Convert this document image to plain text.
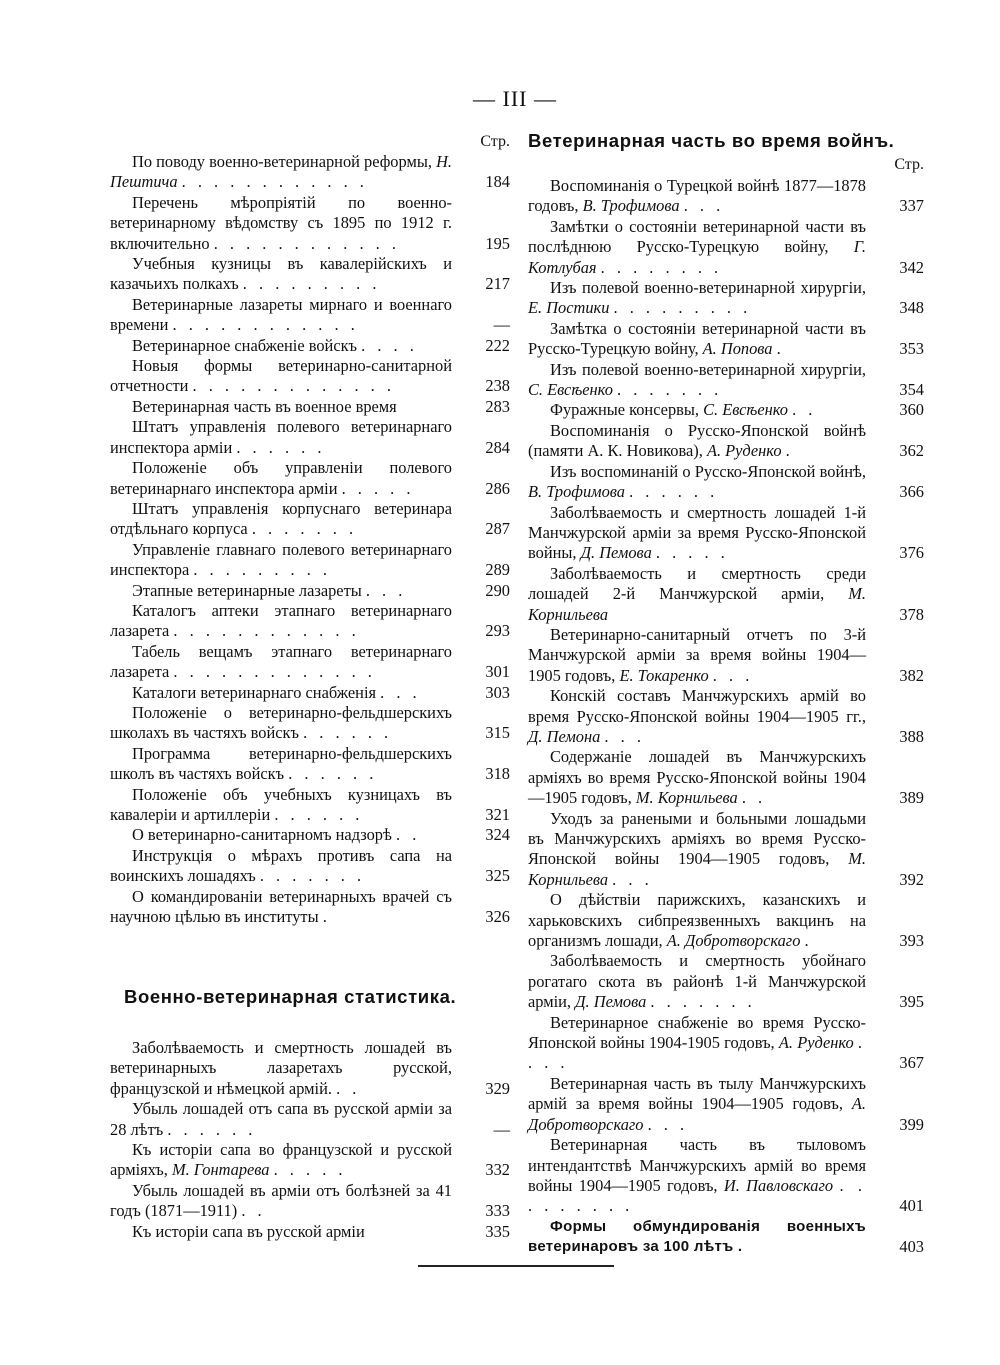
— III —
Стр.
По поводу военно-ветеринарной реформы, Н. Пештича . . . . . . . . . . . .	184
Перечень мѣропріятій по военно-ветеринарному вѣдомству съ 1895 по 1912 г. включительно . . . . . . . . . . . .	195
Учебныя кузницы въ кавалерійскихъ и казачьихъ полкахъ . . . . . . . . .	217
Ветеринарные лазареты мирнаго и военнаго времени . . . . . . . . . . . .	—
Ветеринарное снабженіе войскъ . . . .	222
Новыя формы ветеринарно-санитарной отчетности . . . . . . . . . . . . .	238
Ветеринарная часть въ военное время	283
Штатъ управленія полевого ветеринарнаго инспектора арміи . . . . . .	284
Положеніе объ управленіи полевого ветеринарнаго инспектора арміи . . . . .	286
Штатъ управленія корпуснаго ветеринара отдѣльнаго корпуса . . . . . . .	287
Управленіе главнаго полевого ветеринарнаго инспектора . . . . . . . . .	289
Этапные ветеринарные лазареты . . .	290
Каталогъ аптеки этапнаго ветеринарнаго лазарета . . . . . . . . . . . .	293
Табель вещамъ этапнаго ветеринарнаго лазарета . . . . . . . . . . . . .	301
Каталоги ветеринарнаго снабженія . . .	303
Положеніе о ветеринарно-фельдшерскихъ школахъ въ частяхъ войскъ . . . . . .	315
Программа ветеринарно-фельдшерскихъ школъ въ частяхъ войскъ . . . . . .	318
Положеніе объ учебныхъ кузницахъ въ кавалеріи и артиллеріи . . . . . .	321
О ветеринарно-санитарномъ надзорѣ . .	324
Инструкція о мѣрахъ противъ сапа на воинскихъ лошадяхъ . . . . . . .	325
О командированіи ветеринарныхъ врачей съ научною цѣлью въ институты .	326
Военно-ветеринарная статистика.
Заболѣваемость и смертность лошадей въ ветеринарныхъ лазаретахъ русской, французской и нѣмецкой армій. . .	329
Убыль лошадей отъ сапа въ русской арміи за 28 лѣтъ . . . . . .	—
Къ исторіи сапа во французской и русской арміяхъ, М. Гонтарева . . . . .	332
Убыль лошадей въ арміи отъ болѣзней за 41 годъ (1871—1911) . .	333
Къ исторіи сапа въ русской арміи	335
Ветеринарная часть во время войнъ.
Стр.
Воспоминанія о Турецкой войнѣ 1877—1878 годовъ, В. Трофимова . . .	337
Замѣтки о состояніи ветеринарной части въ послѣднюю Русско-Турецкую войну, Г. Котлубая . . . . . . . .	342
Изъ полевой военно-ветеринарной хирургіи, Е. Постики . . . . . . . . .	348
Замѣтка о состояніи ветеринарной части въ Русско-Турецкую войну, А. Попова .	353
Изъ полевой военно-ветеринарной хирургіи, С. Евсѣенко . . . . . . .	354
Фуражные консервы, С. Евсѣенко . .	360
Воспоминанія о Русско-Японской войнѣ (памяти А. К. Новикова), А. Руденко .	362
Изъ воспоминаній о Русско-Японской войнѣ, В. Трофимова . . . . . .	366
Заболѣваемость и смертность лошадей 1-й Манчжурской арміи за время Русско-Японской войны, Д. Пемова . . . . .	376
Заболѣваемость и смертность среди лошадей 2-й Манчжурской арміи, М. Корнильева	378
Ветеринарно-санитарный отчетъ по 3-й Манчжурской арміи за время войны 1904—1905 годовъ, Е. Токаренко . . .	382
Конскій составъ Манчжурскихъ армій во время Русско-Японской войны 1904—1905 гг., Д. Пемона . . .	388
Содержаніе лошадей въ Манчжурскихъ арміяхъ во время Русско-Японской войны 1904—1905 годовъ, М. Корнильева . .	389
Уходъ за ранеными и больными лошадьми въ Манчжурскихъ арміяхъ во время Русско-Японской войны 1904—1905 годовъ, М. Корнильева . . .	392
О дѣйствіи парижскихъ, казанскихъ и харьковскихъ сибпреязвенныхъ вакцинъ на организмъ лошади, А. Добротворскаго .	393
Заболѣваемость и смертность убойнаго рогатаго скота въ районѣ 1-й Манчжурской арміи, Д. Пемова . . . . . . .	395
Ветеринарное снабженіе во время Русско-Японской войны 1904-1905 годовъ, А. Руденко . . . .	367
Ветеринарная часть въ тылу Манчжурскихъ армій за время войны 1904—1905 годовъ, А. Добротворскаго . . .	399
Ветеринарная часть въ тыловомъ интендантствѣ Манчжурскихъ армій во время войны 1904—1905 годовъ, И. Павловскаго . . . . . . . . .	401
Формы обмундированія военныхъ ветеринаровъ за 100 лѣтъ .	403
